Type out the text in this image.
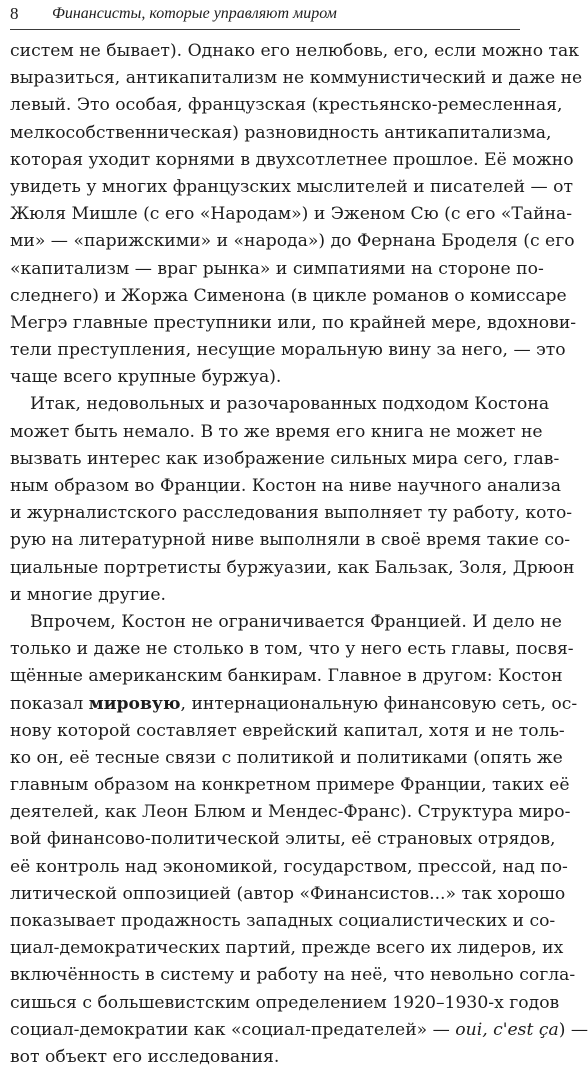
8 Финансисты, которые управляют миром
систем не бывает). Однако его нелюбовь, его, если можно так
выразиться, антикапитализм не коммунистический и даже не
левый. Это особая, французская (крестьянско-ремесленная,
мелкособственническая) разновидность антикапитализма,
которая уходит корнями в двухсотлетнее прошлое. Её можно
увидеть у многих французских мыслителей и писателей — от
Жюля Мишле (с его «Народам») и Эженом Сю (с его «Тайна-
ми» — «парижскими» и «народа») до Фернана Броделя (с его
«капитализм — враг рынка» и симпатиями на стороне по-
следнего) и Жоржа Сименона (в цикле романов о комиссаре
Мегрэ главные преступники или, по крайней мере, вдохнови-
тели преступления, несущие моральную вину за него, — это
чаще всего крупные буржуа).
Итак, недовольных и разочарованных подходом Костона
может быть немало. В то же время его книга не может не
вызвать интерес как изображение сильных мира сего, глав-
ным образом во Франции. Костон на ниве научного анализа
и журналистского расследования выполняет ту работу, кото-
рую на литературной ниве выполняли в своё время такие со-
циальные портретисты буржуазии, как Бальзак, Золя, Дрюон
и многие другие.
Впрочем, Костон не ограничивается Францией. И дело не
только и даже не столько в том, что у него есть главы, посвя-
щённые американским банкирам. Главное в другом: Костон
показал мировую, интернациональную финансовую сеть, ос-
нову которой составляет еврейский капитал, хотя и не толь-
ко он, её тесные связи с политикой и политиками (опять же
главным образом на конкретном примере Франции, таких её
деятелей, как Леон Блюм и Мендес-Франс). Структура миро-
вой финансово-политической элиты, её страновых отрядов,
её контроль над экономикой, государством, прессой, над по-
литической оппозицией (автор «Финансистов...» так хорошо
показывает продажность западных социалистических и со-
циал-демократических партий, прежде всего их лидеров, их
включённость в систему и работу на неё, что невольно согла-
сишься с большевистским определением 1920–1930-х годов
социал-демократии как «социал-предателей» — oui, c'est ça) —
вот объект его исследования.
